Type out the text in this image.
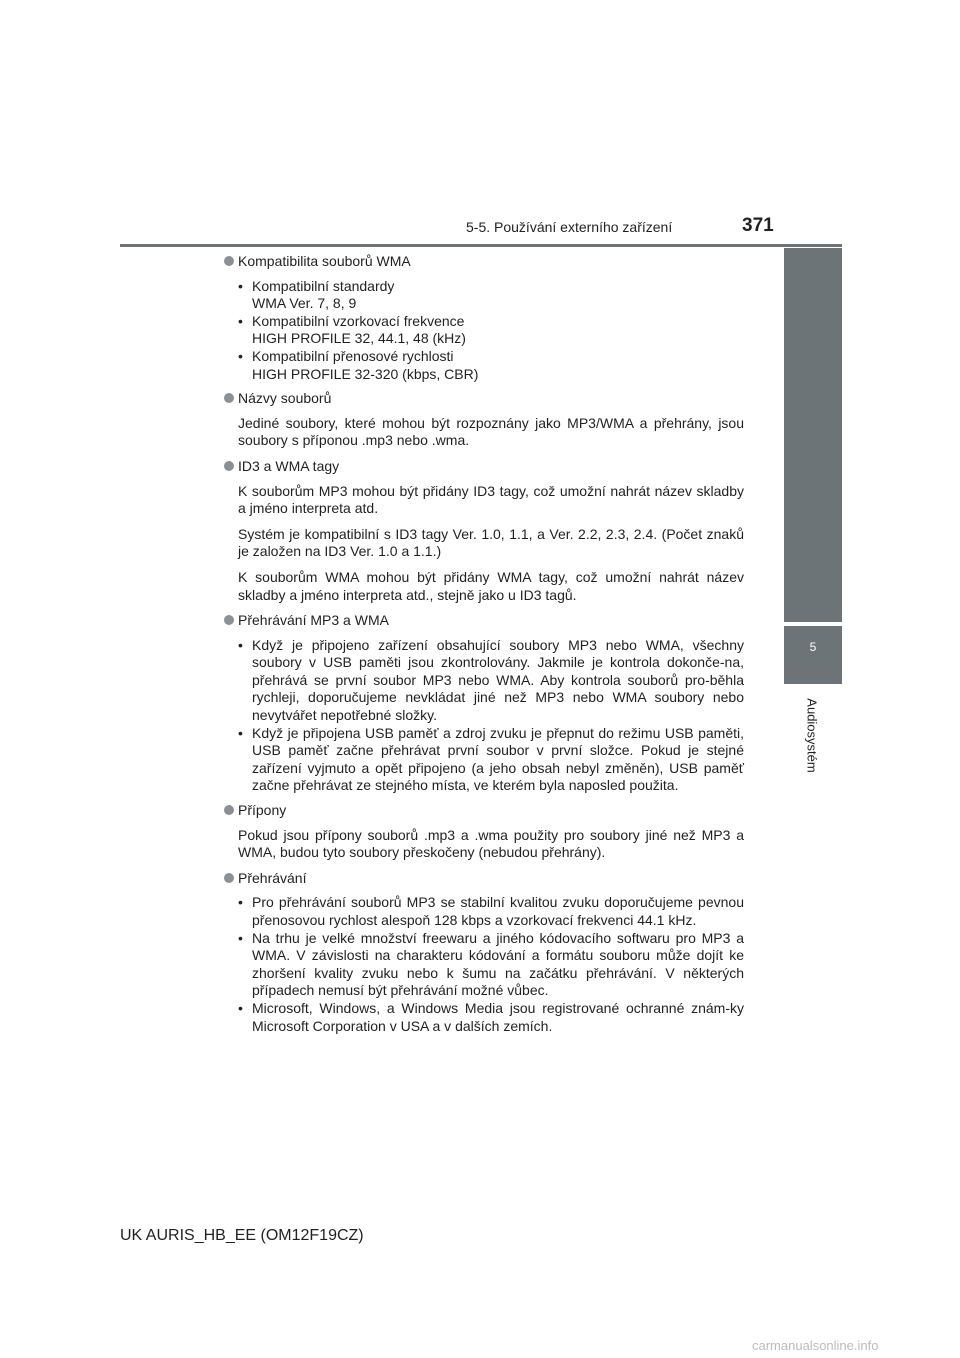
5-5. Používání externího zařízení	371
5
Audiosystém
Kompatibilita souborů WMA
• Kompatibilní standardy
WMA Ver. 7, 8, 9
• Kompatibilní vzorkovací frekvence
HIGH PROFILE 32, 44.1, 48 (kHz)
• Kompatibilní přenosové rychlosti
HIGH PROFILE 32-320 (kbps, CBR)
Názvy souborů
Jediné soubory, které mohou být rozpoznány jako MP3/WMA a přehrány, jsou soubory s příponou .mp3 nebo .wma.
ID3 a WMA tagy
K souborům MP3 mohou být přidány ID3 tagy, což umožní nahrát název skladby a jméno interpreta atd.
Systém je kompatibilní s ID3 tagy Ver. 1.0, 1.1, a Ver. 2.2, 2.3, 2.4. (Počet znaků je založen na ID3 Ver. 1.0 a 1.1.)
K souborům WMA mohou být přidány WMA tagy, což umožní nahrát název skladby a jméno interpreta atd., stejně jako u ID3 tagů.
Přehrávání MP3 a WMA
• Když je připojeno zařízení obsahující soubory MP3 nebo WMA, všechny soubory v USB paměti jsou zkontrolovány. Jakmile je kontrola dokonče-na, přehrává se první soubor MP3 nebo WMA. Aby kontrola souborů pro-běhla rychleji, doporučujeme nevkládat jiné než MP3 nebo WMA soubory nebo nevytvářet nepotřebné složky.
• Když je připojena USB paměť a zdroj zvuku je přepnut do režimu USB paměti, USB paměť začne přehrávat první soubor v první složce. Pokud je stejné zařízení vyjmuto a opět připojeno (a jeho obsah nebyl změněn), USB paměť začne přehrávat ze stejného místa, ve kterém byla naposled použita.
Přípony
Pokud jsou přípony souborů .mp3 a .wma použity pro soubory jiné než MP3 a WMA, budou tyto soubory přeskočeny (nebudou přehrány).
Přehrávání
• Pro přehrávání souborů MP3 se stabilní kvalitou zvuku doporučujeme pevnou přenosovou rychlost alespoň 128 kbps a vzorkovací frekvenci 44.1 kHz.
• Na trhu je velké množství freewaru a jiného kódovacího softwaru pro MP3 a WMA. V závislosti na charakteru kódování a formátu souboru může dojít ke zhoršení kvality zvuku nebo k šumu na začátku přehrávání. V některých případech nemusí být přehrávání možné vůbec.
• Microsoft, Windows, a Windows Media jsou registrované ochranné znám-ky Microsoft Corporation v USA a v dalších zemích.
UK AURIS_HB_EE (OM12F19CZ)
carmanualsonline.info
